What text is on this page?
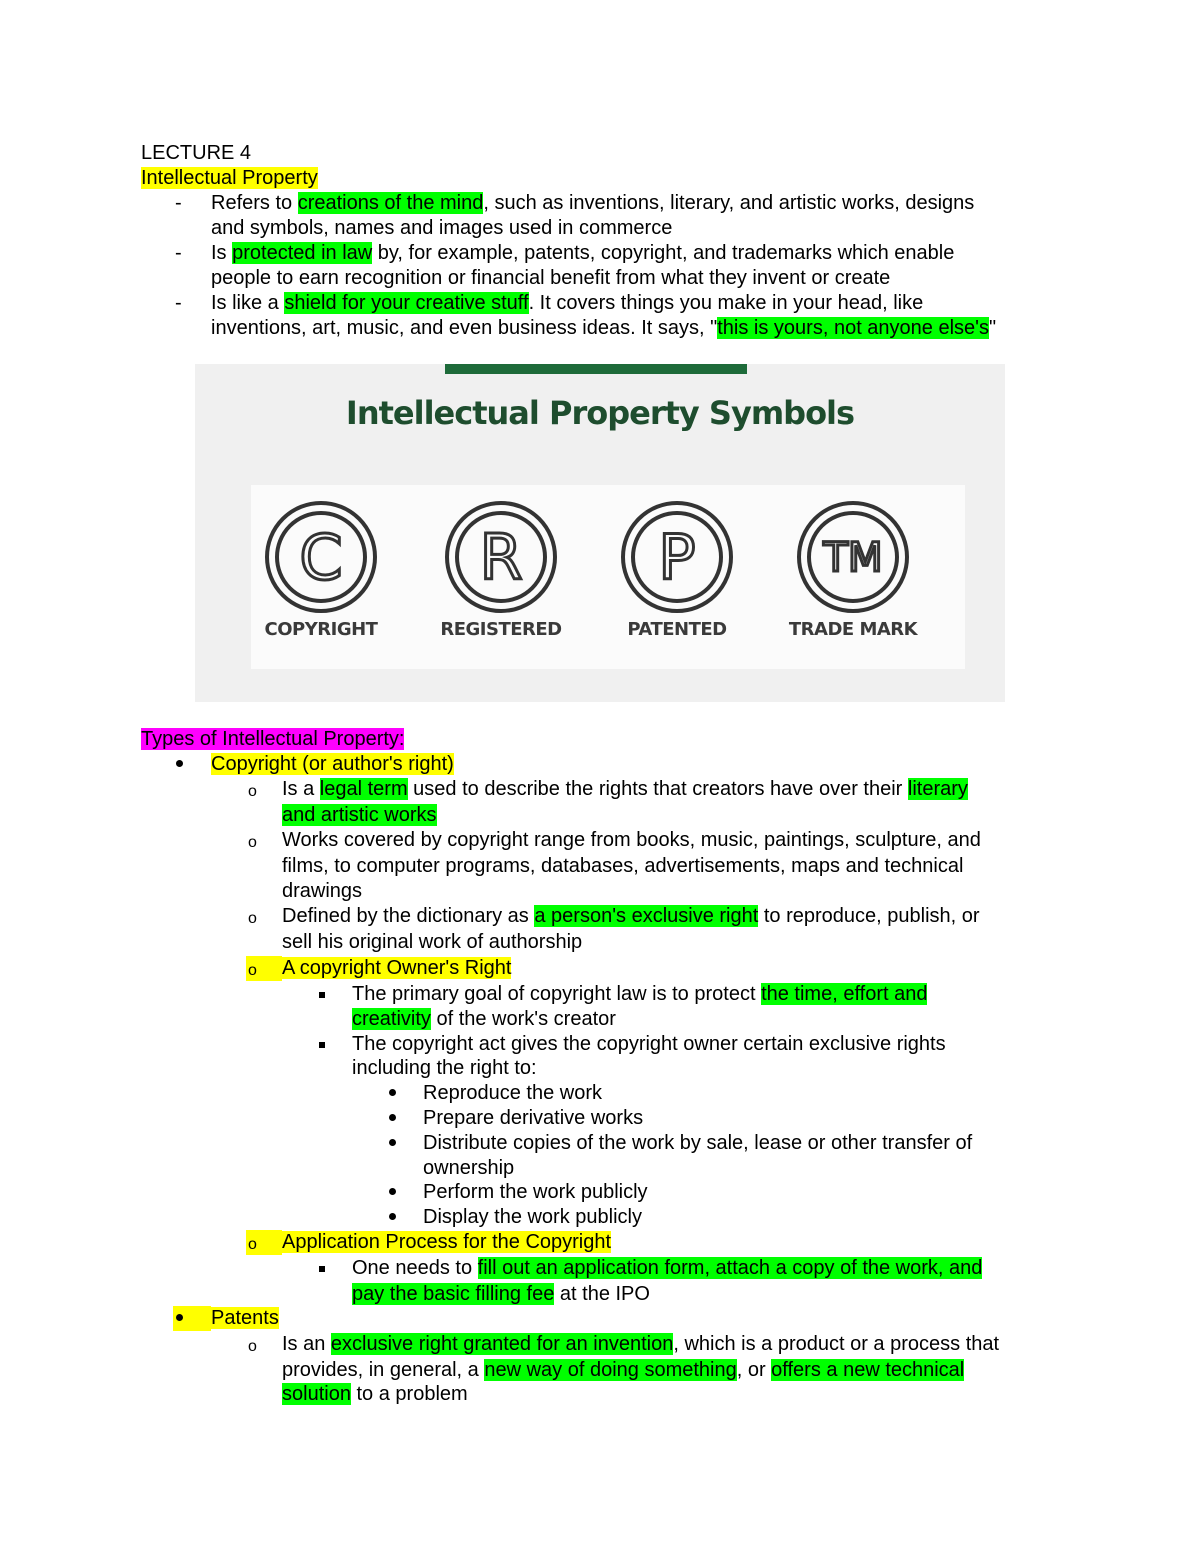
LECTURE 4
Intellectual Property
- Refers to creations of the mind, such as inventions, literary, and artistic works, designs
and symbols, names and images used in commerce
- Is protected in law by, for example, patents, copyright, and trademarks which enable
people to earn recognition or financial benefit from what they invent or create
- Is like a shield for your creative stuff. It covers things you make in your head, like
inventions, art, music, and even business ideas. It says, "this is yours, not anyone else's"
Intellectual Property Symbols
C
COPYRIGHT
R
REGISTERED
P
PATENTED
TM
TRADE MARK
Types of Intellectual Property:
Copyright (or author's right)
o Is a legal term used to describe the rights that creators have over their literary
and artistic works
o Works covered by copyright range from books, music, paintings, sculpture, and
films, to computer programs, databases, advertisements, maps and technical
drawings
o Defined by the dictionary as a person's exclusive right to reproduce, publish, or
sell his original work of authorship
o A copyright Owner's Right
The primary goal of copyright law is to protect the time, effort and
creativity of the work's creator
The copyright act gives the copyright owner certain exclusive rights
including the right to:
Reproduce the work
Prepare derivative works
Distribute copies of the work by sale, lease or other transfer of
ownership
Perform the work publicly
Display the work publicly
o Application Process for the Copyright
One needs to fill out an application form, attach a copy of the work, and
pay the basic filling fee at the IPO
Patents
o Is an exclusive right granted for an invention, which is a product or a process that
provides, in general, a new way of doing something, or offers a new technical
solution to a problem
